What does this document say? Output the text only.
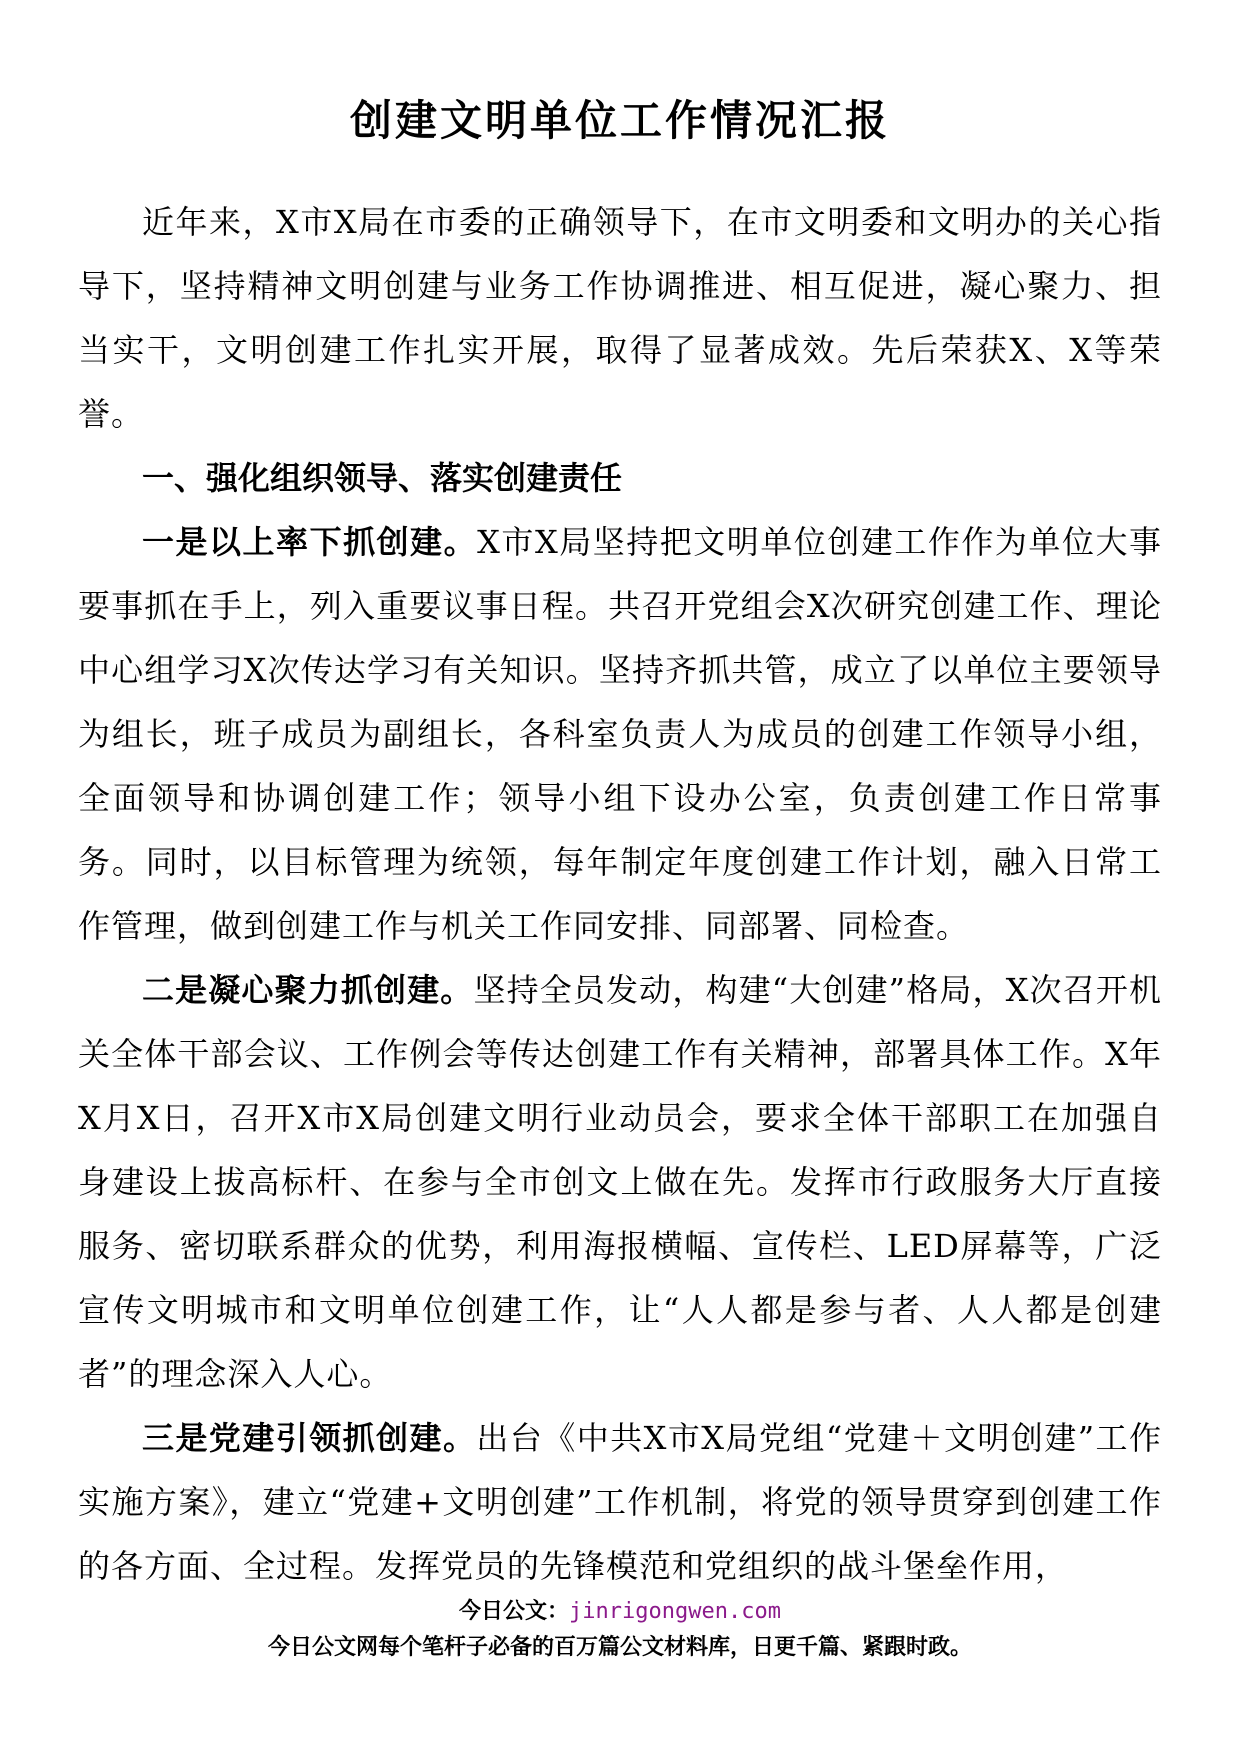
创建文明单位工作情况汇报

近年来，X市X局在市委的正确领导下，在市文明委和文明办的关心指导下，坚持精神文明创建与业务工作协调推进、相互促进，凝心聚力、担当实干，文明创建工作扎实开展，取得了显著成效。先后荣获X、X等荣誉。

一、强化组织领导、落实创建责任

一是以上率下抓创建。X市X局坚持把文明单位创建工作作为单位大事要事抓在手上，列入重要议事日程。共召开党组会X次研究创建工作、理论中心组学习X次传达学习有关知识。坚持齐抓共管，成立了以单位主要领导为组长，班子成员为副组长，各科室负责人为成员的创建工作领导小组，全面领导和协调创建工作；领导小组下设办公室，负责创建工作日常事务。同时，以目标管理为统领，每年制定年度创建工作计划，融入日常工作管理，做到创建工作与机关工作同安排、同部署、同检查。

二是凝心聚力抓创建。坚持全员发动，构建“大创建”格局，X次召开机关全体干部会议、工作例会等传达创建工作有关精神，部署具体工作。X年X月X日，召开X市X局创建文明行业动员会，要求全体干部职工在加强自身建设上拔高标杆、在参与全市创文上做在先。发挥市行政服务大厅直接服务、密切联系群众的优势，利用海报横幅、宣传栏、LED屏幕等，广泛宣传文明城市和文明单位创建工作，让“人人都是参与者、人人都是创建者”的理念深入人心。

三是党建引领抓创建。出台《中共X市X局党组“党建＋文明创建”工作实施方案》，建立“党建+文明创建”工作机制，将党的领导贯穿到创建工作的各方面、全过程。发挥党员的先锋模范和党组织的战斗堡垒作用，

今日公文：jinrigongwen.com
今日公文网每个笔杆子必备的百万篇公文材料库，日更千篇、紧跟时政。
